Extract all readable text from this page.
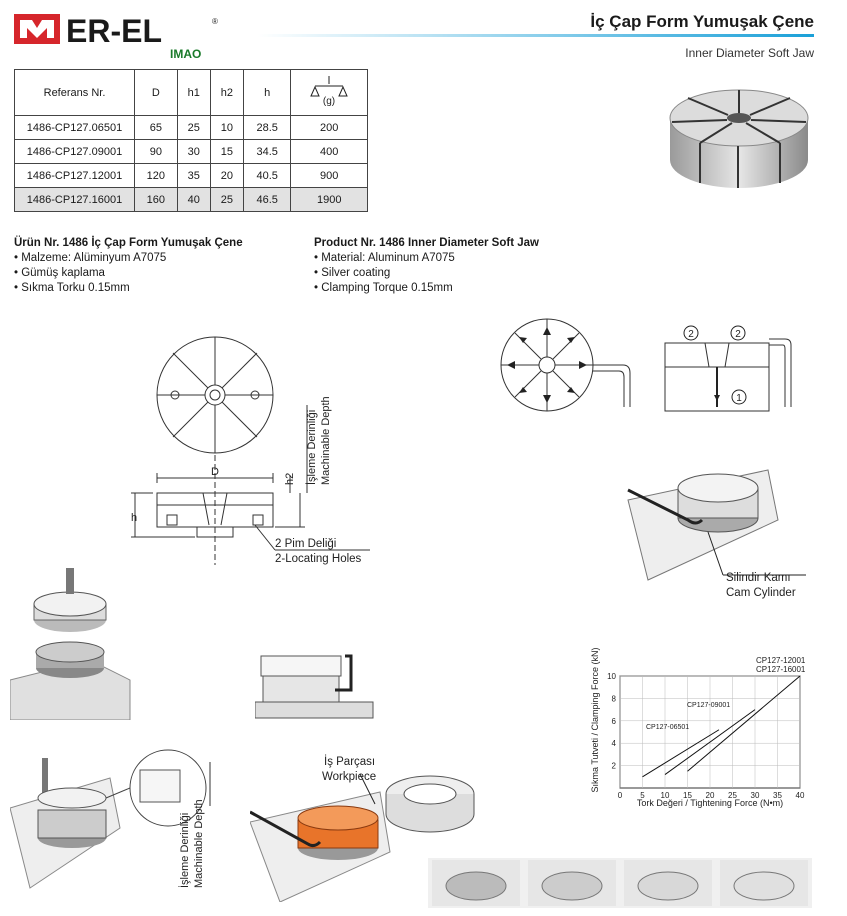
ER-EL
IMAO
®	İç Çap Form Yumuşak Çene
Inner Diameter Soft Jaw
Referans Nr.	D	h1	h2	h	(g)

1486-CP127.06501	65	25	10	28.5	200
1486-CP127.09001	90	30	15	34.5	400
1486-CP127.12001	120	35	20	40.5	900
1486-CP127.16001	160	40	25	46.5	1900
Ürün Nr. 1486 İç Çap Form Yumuşak Çene
• Malzeme: Alüminyum A7075
• Gümüş kaplama
• Sıkma Torku 0.15mm
Product Nr. 1486 Inner Diameter Soft Jaw
• Material: Aluminum A7075
• Silver coating
• Clamping Torque 0.15mm
D
h
h2 İşleme Derinliği Machinable Depth
2 Pim Deliği
2-Locating Holes
2	2
1
Silindir Kamı
Cam Cylinder
İşleme Derinliği Machinable Depth
İş Parçası
Workpiece
0 5 10 15 20 25 30 35 40
2
4
6
8
10
Sıkma Tutveti / Clamping Force (kN)
Tork Değeri / Tightening Force (N•m)
CP127-12001
CP127-16001
CP127-09001
CP127-06501
